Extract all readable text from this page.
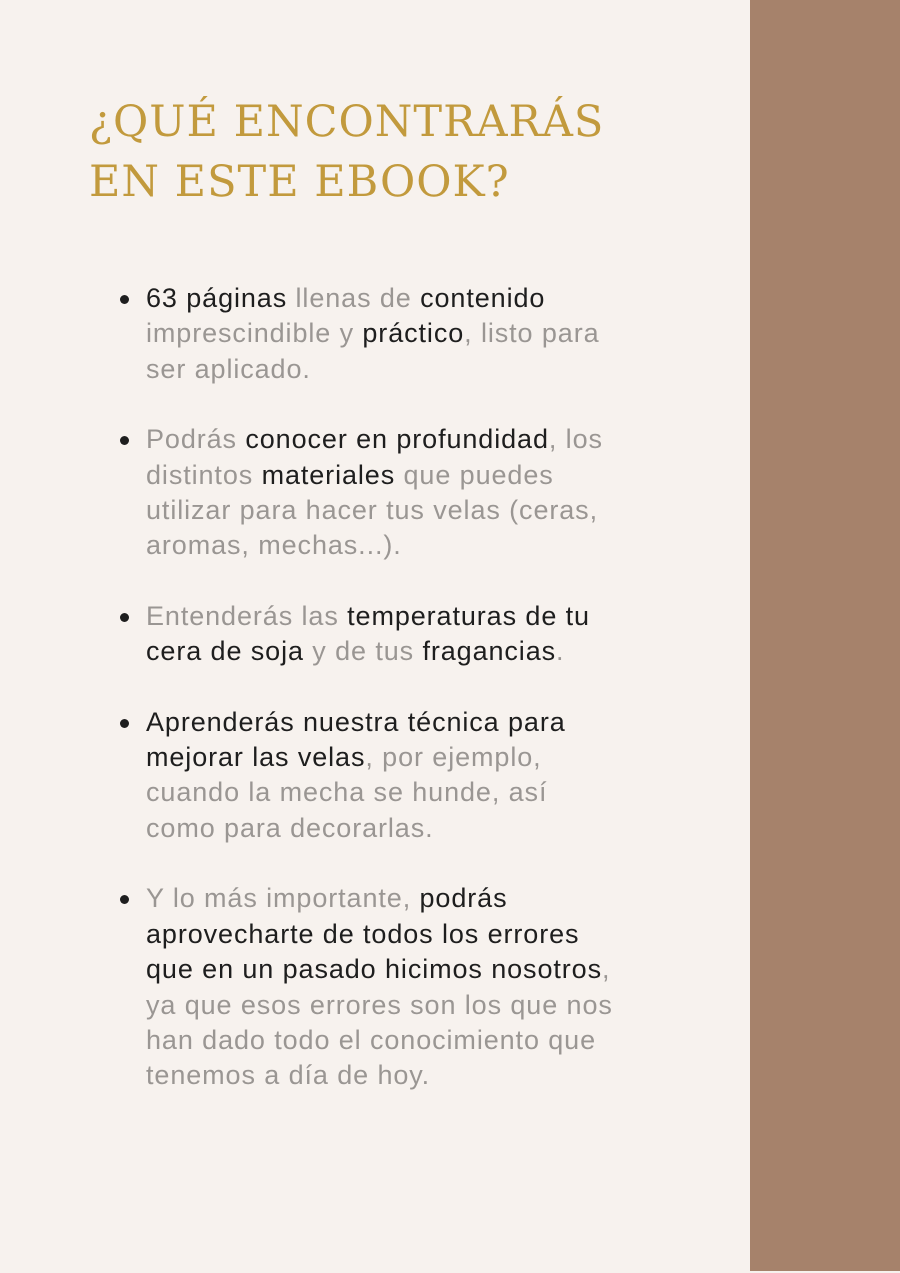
¿QUÉ ENCONTRARÁS
EN ESTE EBOOK?
63 páginas llenas de contenido
imprescindible y práctico, listo para
ser aplicado.
Podrás conocer en profundidad, los
distintos materiales que puedes
utilizar para hacer tus velas (ceras,
aromas, mechas...).
Entenderás las temperaturas de tu
cera de soja y de tus fragancias.
Aprenderás nuestra técnica para
mejorar las velas, por ejemplo,
cuando la mecha se hunde, así
como para decorarlas.
Y lo más importante, podrás
aprovecharte de todos los errores
que en un pasado hicimos nosotros,
ya que esos errores son los que nos
han dado todo el conocimiento que
tenemos a día de hoy.
